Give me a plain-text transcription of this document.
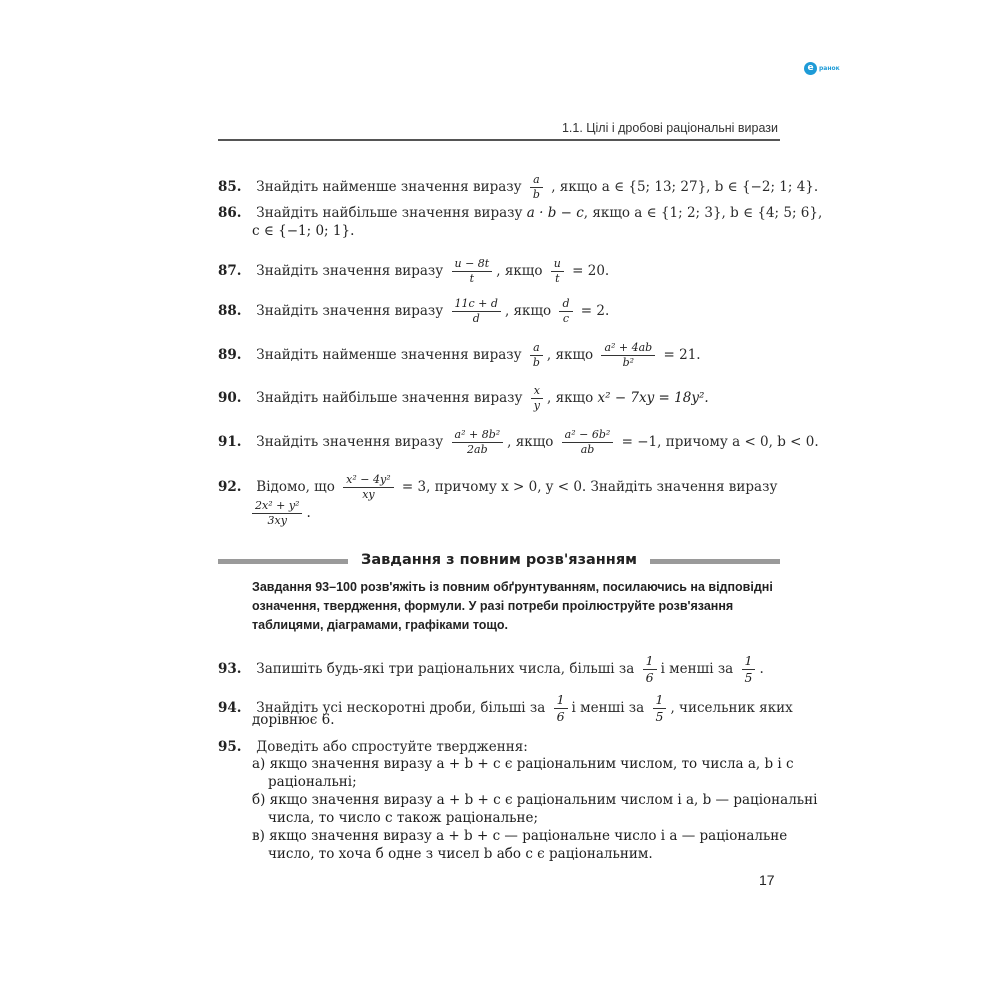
e ранок
1.1. Цілі і дробові раціональні вирази
85. Знайдіть найменше значення виразу $\frac{a}{b}$ , якщо a ∈ {5; 13; 27}, b ∈ {−2; 1; 4}.
86. Знайдіть найбільше значення виразу a · b − c, якщо a ∈ {1; 2; 3}, b ∈ {4; 5; 6},
c ∈ {−1; 0; 1}.
87. Знайдіть значення виразу $\frac{u - 8t}{t}$ , якщо $\frac{u}{t} = 20$.
88. Знайдіть значення виразу $\frac{11c + d}{d}$ , якщо $\frac{d}{c} = 2$.
89. Знайдіть найменше значення виразу $\frac{a}{b}$ , якщо $\frac{\text{a² + 4ab}}{\text{b²}} = 21$.
90. Знайдіть найбільше значення виразу $\frac{x}{y}$ , якщо x² − 7xy = 18y².
91. Знайдіть значення виразу $\frac{\text{a² + 8b²}}{2ab}$ , якщо $\frac{\text{a² − 6b²}}{ab} = -1$, причому a < 0, b < 0.
92. Відомо, що $\frac{\text{x² − 4y²}}{xy} = 3$, причому x > 0, y < 0. Знайдіть значення виразу
$\frac{\text{2x² + y²}}{3xy}$ .
Завдання з повним розв'язанням
Завдання 93–100 розв'яжіть із повним обґрунтуванням, посилаючись на відповідні означення, твердження, формули. У разі потреби проілюструйте розв'язання таблицями, діаграмами, графіками тощо.
93. Запишіть будь-які три раціональних числа, більші за $\frac{1}{6}$ і менші за $\frac{1}{5}$ .
94. Знайдіть усі нескоротні дроби, більші за $\frac{1}{6}$ і менші за $\frac{1}{5}$ , чисельник яких
дорівнює 6.
95. Доведіть або спростуйте твердження:
а) якщо значення виразу a + b + c є раціональним числом, то числа a, b і c
раціональні;
б) якщо значення виразу a + b + c є раціональним числом і a, b — раціональні
числа, то число c також раціональне;
в) якщо значення виразу a + b + c — раціональне число і a — раціональне
число, то хоча б одне з чисел b або c є раціональним.
17
